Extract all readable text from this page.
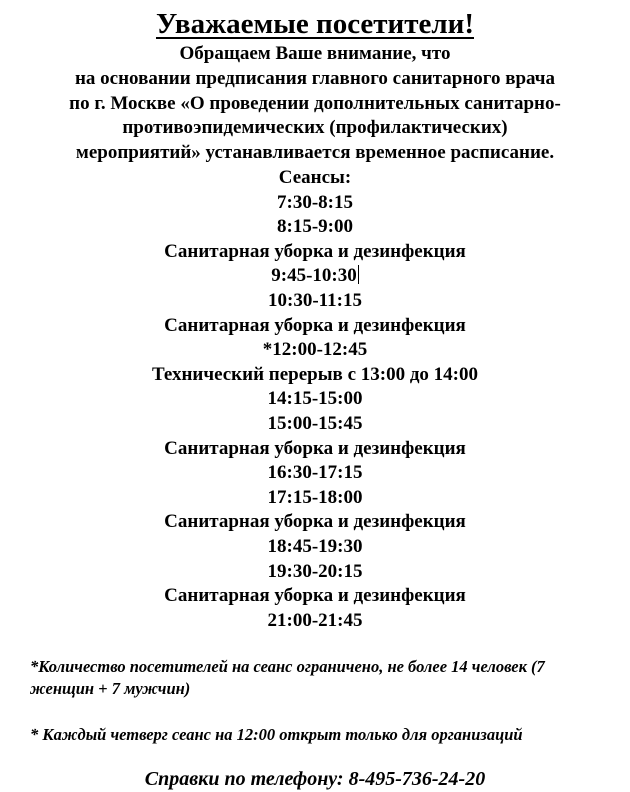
Уважаемые посетители!
Обращаем Ваше внимание, что
на основании предписания главного санитарного врача
по г. Москве «О проведении дополнительных санитарно-
противоэпидемических (профилактических)
мероприятий» устанавливается временное расписание.
Сеансы:
7:30-8:15
8:15-9:00
Санитарная уборка и дезинфекция
9:45-10:30
10:30-11:15
Санитарная уборка и дезинфекция
*12:00-12:45
Технический перерыв с 13:00 до 14:00
14:15-15:00
15:00-15:45
Санитарная уборка и дезинфекция
16:30-17:15
17:15-18:00
Санитарная уборка и дезинфекция
18:45-19:30
19:30-20:15
Санитарная уборка и дезинфекция
21:00-21:45
*Количество посетителей на сеанс ограничено, не более 14 человек (7 женщин + 7 мужчин)
* Каждый четверг сеанс на 12:00 открыт только для организаций
Справки по телефону: 8-495-736-24-20
